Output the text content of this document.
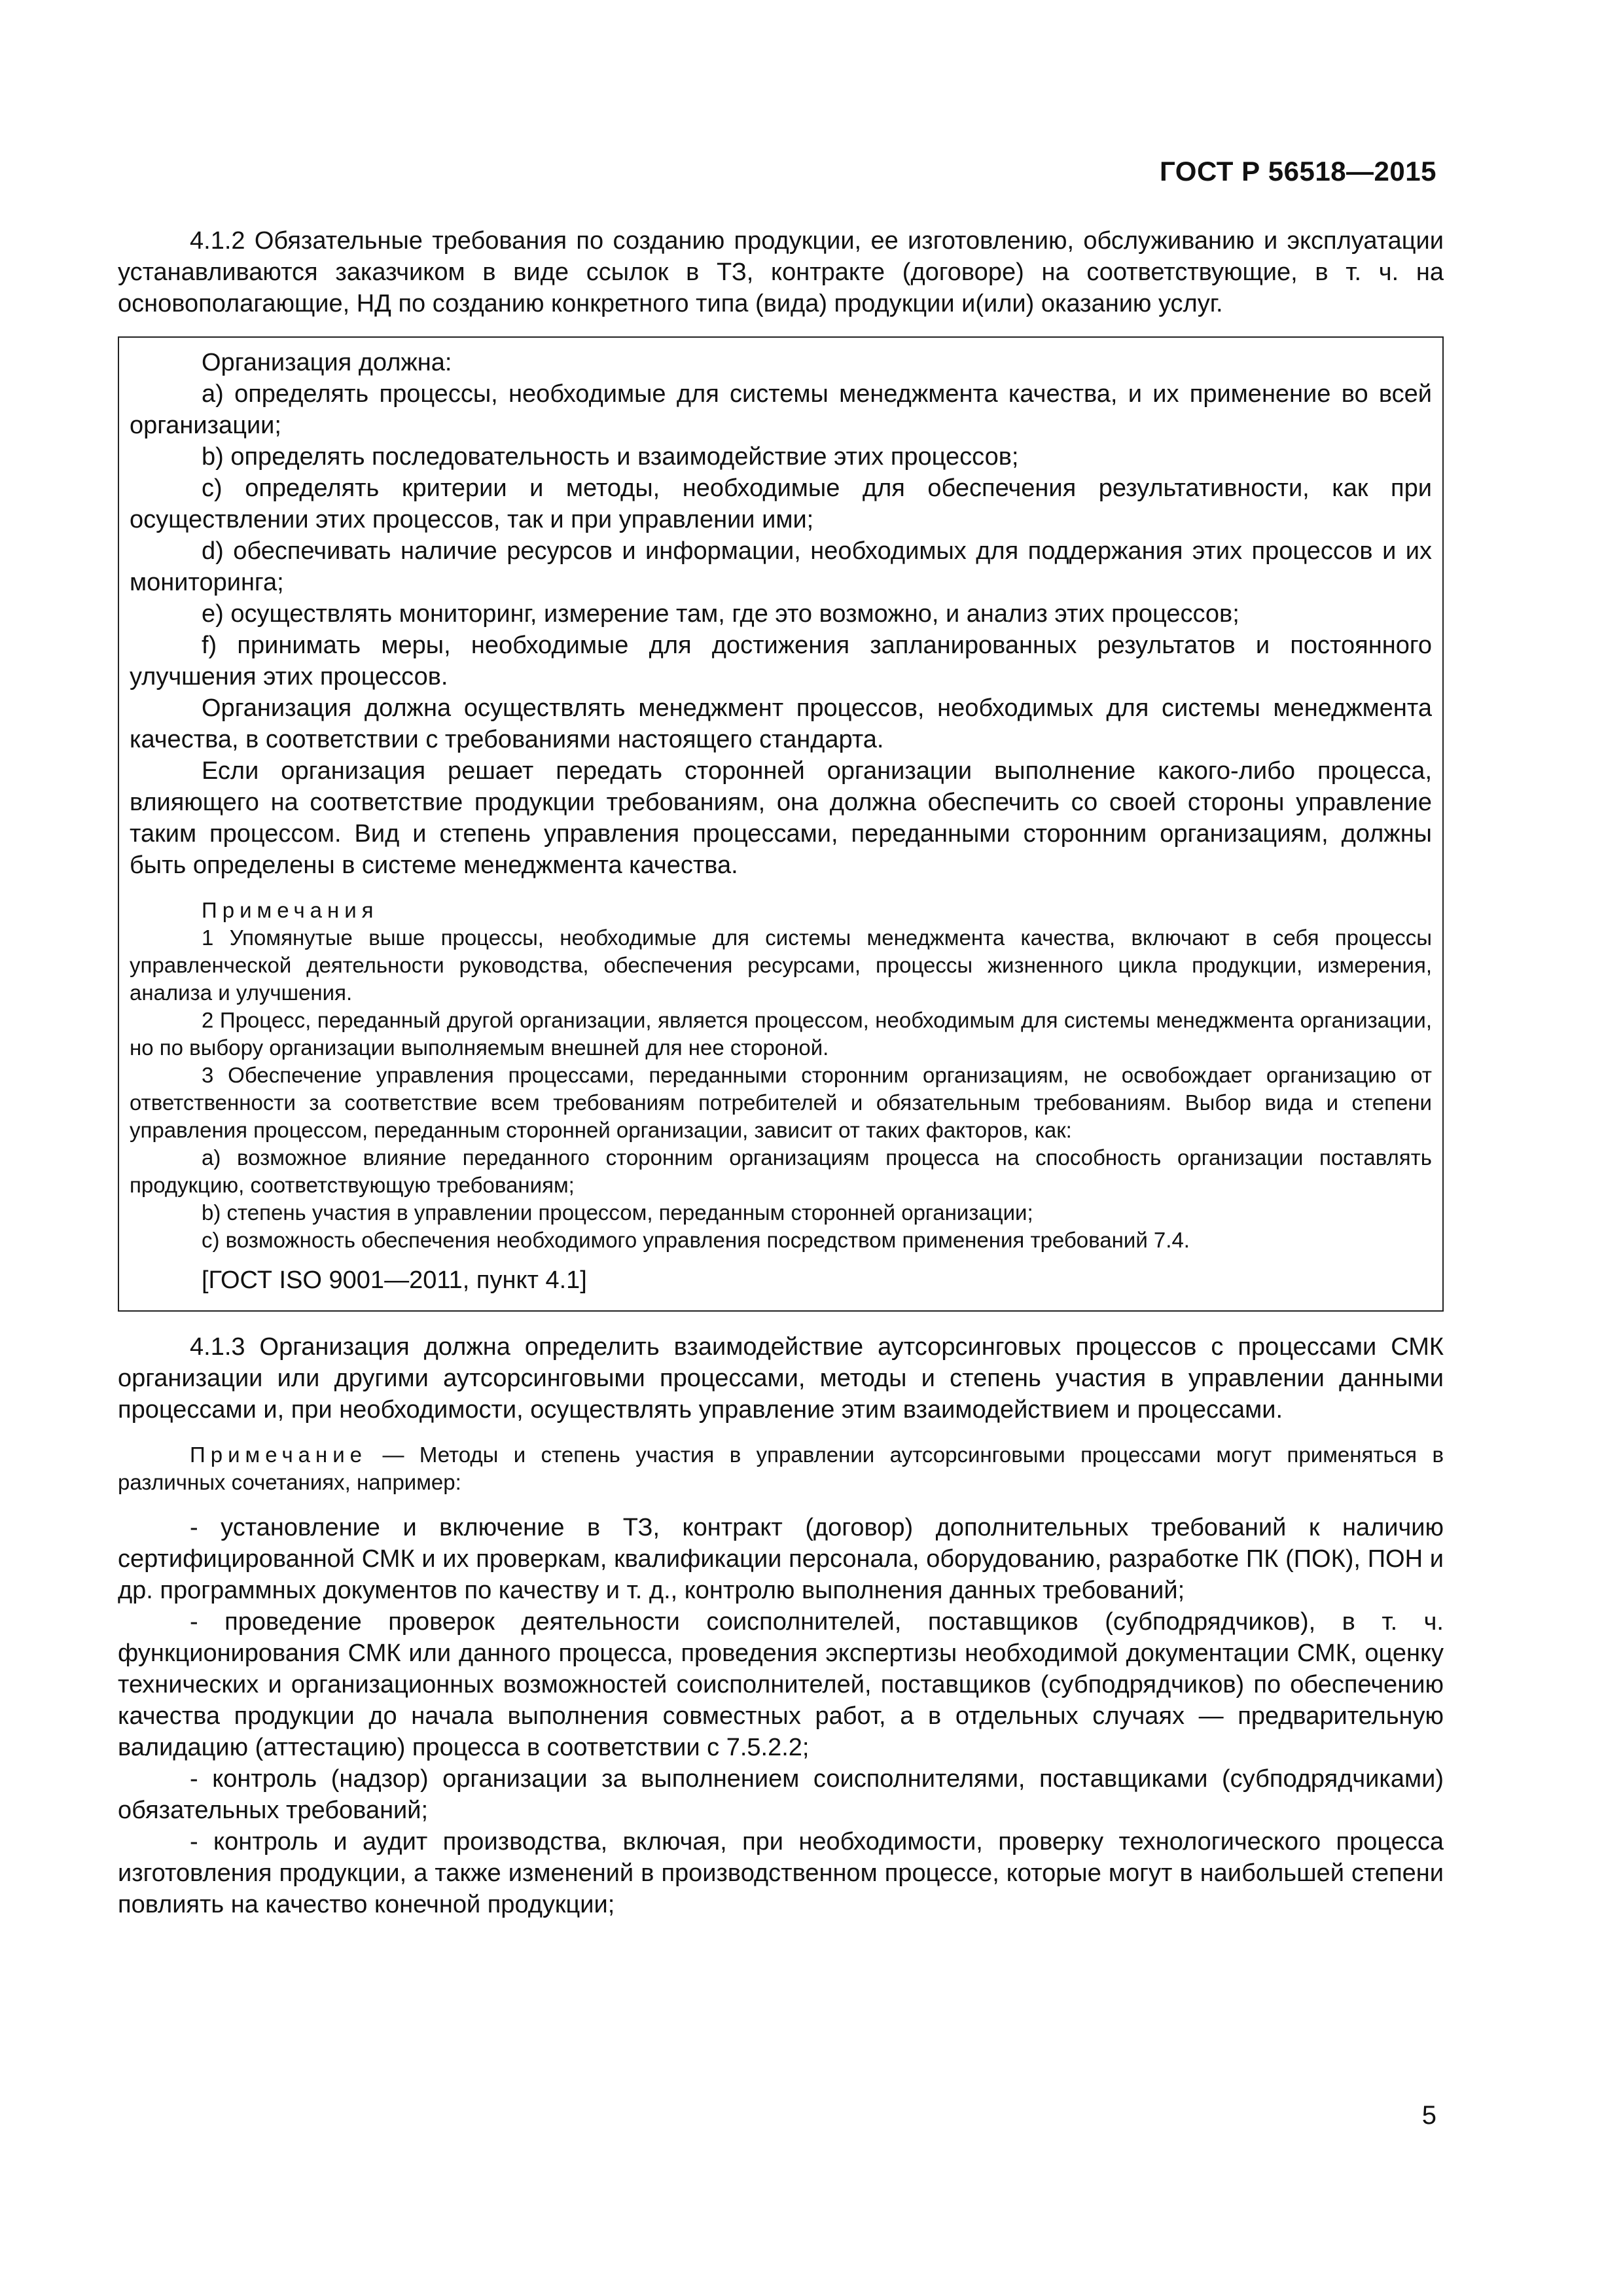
ГОСТ Р 56518—2015

4.1.2 Обязательные требования по созданию продукции, ее изготовлению, обслуживанию и эксплуатации устанавливаются заказчиком в виде ссылок в ТЗ, контракте (договоре) на соответствующие, в т. ч. на основополагающие, НД по созданию конкретного типа (вида) продукции и(или) оказанию услуг.

Организация должна:

а) определять процессы, необходимые для системы менеджмента качества, и их применение во всей организации;

b) определять последовательность и взаимодействие этих процессов;

c) определять критерии и методы, необходимые для обеспечения результативности, как при осуществлении этих процессов, так и при управлении ими;

d) обеспечивать наличие ресурсов и информации, необходимых для поддержания этих процессов и их мониторинга;

e) осуществлять мониторинг, измерение там, где это возможно, и анализ этих процессов;

f) принимать меры, необходимые для достижения запланированных результатов и постоянного улучшения этих процессов.

Организация должна осуществлять менеджмент процессов, необходимых для системы менеджмента качества, в соответствии с требованиями настоящего стандарта.

Если организация решает передать сторонней организации выполнение какого-либо процесса, влияющего на соответствие продукции требованиям, она должна обеспечить со своей стороны управление таким процессом. Вид и степень управления процессами, переданными сторонним организациям, должны быть определены в системе менеджмента качества.

Примечания

1 Упомянутые выше процессы, необходимые для системы менеджмента качества, включают в себя процессы управленческой деятельности руководства, обеспечения ресурсами, процессы жизненного цикла продукции, измерения, анализа и улучшения.

2 Процесс, переданный другой организации, является процессом, необходимым для системы менеджмента организации, но по выбору организации выполняемым внешней для нее стороной.

3 Обеспечение управления процессами, переданными сторонним организациям, не освобождает организацию от ответственности за соответствие всем требованиям потребителей и обязательным требованиям. Выбор вида и степени управления процессом, переданным сторонней организации, зависит от таких факторов, как:

а) возможное влияние переданного сторонним организациям процесса на способность организации поставлять продукцию, соответствующую требованиям;

b) степень участия в управлении процессом, переданным сторонней организации;

c) возможность обеспечения необходимого управления посредством применения требований 7.4.

[ГОСТ ISO 9001—2011, пункт 4.1]

4.1.3 Организация должна определить взаимодействие аутсорсинговых процессов с процессами СМК организации или другими аутсорсинговыми процессами, методы и степень участия в управлении данными процессами и, при необходимости, осуществлять управление этим взаимодействием и процессами.

Примечание — Методы и степень участия в управлении аутсорсинговыми процессами могут применяться в различных сочетаниях, например:

- установление и включение в ТЗ, контракт (договор) дополнительных требований к наличию сертифицированной СМК и их проверкам, квалификации персонала, оборудованию, разработке ПК (ПОК), ПОН и др. программных документов по качеству и т. д., контролю выполнения данных требований;

- проведение проверок деятельности соисполнителей, поставщиков (субподрядчиков), в т. ч. функционирования СМК или данного процесса, проведения экспертизы необходимой документации СМК, оценку технических и организационных возможностей соисполнителей, поставщиков (субподрядчиков) по обеспечению качества продукции до начала выполнения совместных работ, а в отдельных случаях — предварительную валидацию (аттестацию) процесса в соответствии с 7.5.2.2;

- контроль (надзор) организации за выполнением соисполнителями, поставщиками (субподрядчиками) обязательных требований;

- контроль и аудит производства, включая, при необходимости, проверку технологического процесса изготовления продукции, а также изменений в производственном процессе, которые могут в наибольшей степени повлиять на качество конечной продукции;

5
